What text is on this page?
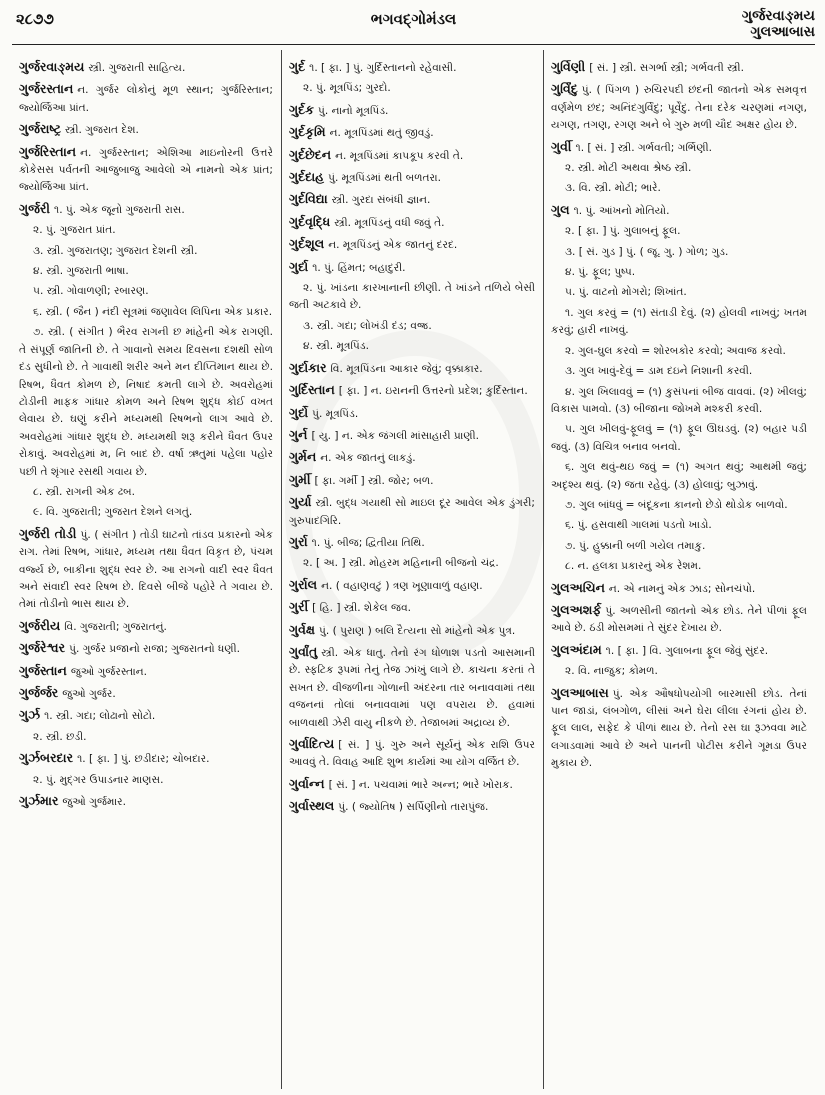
૨૮૭૭	ભગવદ્ગોમંડલ	ગુર્જરવાઙ્મય
ગુલઆબાસ
ગુર્જરવાઙ્મય સ્ત્રી. ગુજરાતી સાહિત્ય.
ગુર્જરસ્તાન ન. ગુર્જર લોકોનું મૂળ સ્થાન; ગુર્જરિસ્તાન; જ્યોર્જિઆ પ્રાંત.
ગુર્જરાષ્ટ્ર સ્ત્રી. ગુજરાત દેશ.
ગુર્જરિસ્તાન ન. ગુર્જરસ્તાન; એશિઆ માઇનોરની ઉત્તરે કોકેસસ પર્વતની આજુબાજુ આવેલો એ નામનો એક પ્રાંત; જ્યોર્જિઆ પ્રાંત.
ગુર્જરી ૧. પું. એક જૂનો ગુજરાતી રાસ.
૨. પું. ગુજરાત પ્રાંત.
૩. સ્ત્રી. ગુજરાતણ; ગુજરાત દેશની સ્ત્રી.
૪. સ્ત્રી. ગુજરાતી ભાષા.
૫. સ્ત્રી. ગોવાળણી; રબારણ.
૬. સ્ત્રી. ( જૈન ) નંદી સૂત્રમાં જણાવેલ લિપિના એક પ્રકાર.
૭. સ્ત્રી. ( સંગીત ) ભૈરવ રાગની છ માંહેની એક રાગણી. તે સંપૂર્ણ જાતિની છે. તે ગાવાનો સમય દિવસના દશથી સોળ દંડ સુધીનો છે. તે ગાવાથી શરીર અને મન દીપ્તિમાન થાય છે. રિષભ, ધૈવત કોમળ છે, નિષાદ કમતી લાગે છે. અવરોહમાં ટોડીની માફક ગાંધાર કોમળ અને રિષભ શુદ્ધ કોઈ વખત લેવાય છે. ઘણું કરીને મધ્યમથી રિષભનો લાગ આવે છે. અવરોહમાં ગાંધાર શુદ્ધ છે. મધ્યમથી શરૂ કરીને ધૈવત ઉપર રોકાવું. અવરોહમાં મ, નિ બાદ છે. વર્ષા ઋતુમાં પહેલા પહોર પછી તે શૃંગાર રસથી ગવાય છે.
૮. સ્ત્રી. રાગની એક ઢબ.
૯. વિ. ગુજરાતી; ગુજરાત દેશને લગતું.
ગુર્જરી તોડી પું. ( સંગીત ) તોડી ઘાટનો તાંડવ પ્રકારનો એક રાગ. તેમાં રિષભ, ગાંધાર, મધ્યમ તથા ધૈવત વિકૃત છે, પંચમ વર્જ્ય છે, બાકીના શુદ્ધ સ્વર છે. આ રાગનો વાદી સ્વર ધૈવત અને સંવાદી સ્વર રિષભ છે. દિવસે બીજે પહોરે તે ગવાય છે. તેમાં તોડીનો ભાસ થાય છે.
ગુર્જરીય વિ. ગુજરાતી; ગુજરાતનું.
ગુર્જરેશ્વર પું. ગુર્જર પ્રજાનો રાજા; ગુજરાતનો ધણી.
ગુર્જસ્તાન જુઓ ગુર્જરસ્તાન.
ગુર્જર્જર જુઓ ગુર્જર.
ગુર્ઝ ૧. સ્ત્રી. ગદા; લોઢાનો સોટો.
૨. સ્ત્રી. છડી.
ગુર્ઝબરદાર ૧. [ ફા. ] પું. છડીદાર; ચોબદાર.
૨. પું. મુદ્ગર ઉપાડનાર માણસ.
ગુર્ઝમાર જુઓ ગુર્જમાર.
ગુર્દ ૧. [ ફા. ] પું. ગુર્દિસ્તાનનો રહેવાસી.
૨. પું. મૂત્રપિંડ; ગુરદો.
ગુર્દક પું. નાનો મૂત્રપિંડ.
ગુર્દકૃમિ ન. મૂત્રપિંડમાં થતું જીવડું.
ગુર્દછેદન ન. મૂત્રપિંડમાં કાપકૂપ કરવી તે.
ગુર્દદાહ પું. મૂત્રપિંડમાં થતી બળતરા.
ગુર્દવિદ્યા સ્ત્રી. ગુરદા સંબંધી જ્ઞાન.
ગુર્દવૃદ્ધિ સ્ત્રી. મૂત્રપિંડનું વધી જવું તે.
ગુર્દશૂલ ન. મૂત્રપિંડનું એક જાતનું દરદ.
ગુર્દા ૧. પું. હિંમત; બહાદુરી.
૨. પું. ખાંડના કારખાનાની છીણી. તે ખાંડને તળિયે બેસી જતી અટકાવે છે.
૩. સ્ત્રી. ગદા; લોખંડી દંડ; વજ્ર.
૪. સ્ત્રી. મૂત્રપિંડ.
ગુર્દાકાર વિ. મૂત્રપિંડના આકાર જેવું; વૃક્કાકાર.
ગુર્દિસ્તાન [ ફા. ] ન. ઇરાનની ઉત્તરનો પ્રદેશ; કુર્દિસ્તાન.
ગુર્દો પું. મૂત્રપિંડ.
ગુર્ન [ યુ. ] ન. એક જંગલી માંસાહારી પ્રાણી.
ગુર્મન ન. એક જાતનું લાકડું.
ગુર્મી [ ફા. ગર્મી ] સ્ત્રી. જોર; બળ.
ગુર્યા સ્ત્રી. બુદ્ધ ગયાથી સો માઇલ દૂર આવેલ એક ડુંગરી; ગુરુપાદગિરિ.
ગુર્રા ૧. પું. બીજ; દ્વિતીયા તિથિ.
૨. [ અ. ] સ્ત્રી. મોહરમ મહિનાની બીજનો ચંદ્ર.
ગુર્રાલ ન. ( વહાણવટું ) ત્રણ ખૂણાવાળું વહાણ.
ગુર્રી [ હિ. ] સ્ત્રી. શેકેલ જવ.
ગુર્વક્ષ પું. ( પુરાણ ) બલિ દૈત્યના સો માંહેનો એક પુત્ર.
ગુર્વાંતુ સ્ત્રી. એક ધાતુ. તેનો રંગ ધોળાશ પડતો આસમાની છે. સ્ફટિક રૂપમાં તેનું તેજ ઝાંખું લાગે છે. કાચના કરતાં તે સખત છે. વીજળીના ગોળાની અંદરના તાર બનાવવામાં તથા વજનનાં તોલાં બનાવવામાં પણ વપરાય છે. હવામાં બાળવાથી ઝેરી વાયુ નીકળે છે. તેજાબમાં અદ્રાવ્ય છે.
ગુર્વાદિત્ય [ સં. ] પું. ગુરુ અને સૂર્યનું એક રાશિ ઉપર આવવું તે. વિવાહ આદિ શુભ કાર્યમાં આ યોગ વર્જિત છે.
ગુર્વાન્ન [ સં. ] ન. પચવામાં ભારે અન્ન; ભારે ખોરાક.
ગુર્વાસ્થલ પું. ( જ્યોતિષ ) સર્પિણીનો તારાપુંજ.
ગુર્વિણી [ સં. ] સ્ત્રી. સગર્ભા સ્ત્રી; ગર્ભવતી સ્ત્રી.
ગુર્વિંદુ પું. ( પિંગળ ) રુચિરપદી છંદની જાતનો એક સમવૃત્ત વર્ણમેળ છંદ; અનિંદગુર્વિંદુ; પૂર્વેંદુ. તેના દરેક ચરણમાં નગણ, યગણ, તગણ, રગણ અને બે ગુરુ મળી ચૌદ અક્ષર હોય છે.
ગુર્વી ૧. [ સં. ] સ્ત્રી. ગર્ભવતી; ગર્ભિણી.
૨. સ્ત્રી. મોટી અથવા શ્રેષ્ઠ સ્ત્રી.
૩. વિ. સ્ત્રી. મોટી; ભારે.
ગુલ ૧. પું. આંખનો મોતિયો.
૨. [ ફા. ] પું. ગુલાબનું ફૂલ.
૩. [ સં. ગુડ ] પું. ( જૂ. ગુ. ) ગોળ; ગુડ.
૪. પું. ફૂલ; પુષ્પ.
૫. પું. વાટનો મોગરો; શિખાંત.
૧. ગુલ કરવું = (૧) સંતાડી દેવું. (૨) હોલવી નાખવું; ખતમ કરવું; હારી નાખવું.
૨. ગુલ-ઘુલ કરવો = શોરબકોર કરવો; અવાજ કરવો.
૩. ગુલ ખાવું-દેવું = ડામ દઇને નિશાની કરવી.
૪. ગુલ ખિલાવવું = (૧) કુસંપનાં બીજ વાવવાં. (૨) ખીલવું; વિકાસ પામવો. (૩) બીજાના જોખમે મશ્કરી કરવી.
૫. ગુલ ખીલવું-ફૂલવું = (૧) ફૂલ ઊઘડવું. (૨) બહાર પડી જવું. (૩) વિચિત્ર બનાવ બનવો.
૬. ગુલ થવું-થઇ જવું = (૧) અગત થવું; આથમી જવું; અદૃશ્ય થવું. (૨) જતા રહેવું. (૩) હોલાવું; બુઝાવું.
૭. ગુલ બાંધવું = બંદૂકના કાનનો છેડો થોડોક બાળવો.
૬. પું. હસવાથી ગાલમાં પડતો ખાડો.
૭. પું. હુક્કાની બળી ગયેલ તમાકુ.
૮. ન. હલકા પ્રકારનું એક રેશમ.
ગુલઅચિન ન. એ નામનું એક ઝાડ; સોનચંપો.
ગુલઅશર્ફ પું. અળસીની જાતનો એક છોડ. તેને પીળાં ફૂલ આવે છે. ઠંડી મોસમમાં તે સુંદર દેખાય છે.
ગુલઅંદામ ૧. [ ફા. ] વિ. ગુલાબના ફૂલ જેવું સુંદર.
૨. વિ. નાજુક; કોમળ.
ગુલઆબાસ પું. એક ઔષધોપયોગી બારમાસી છોડ. તેનાં પાન જાડાં, લંબગોળ, લીસાં અને ઘેરા લીલા રંગનાં હોય છે. ફૂલ લાલ, સફેદ કે પીળાં થાય છે. તેનો રસ ઘા રૂઝવવા માટે લગાડવામાં આવે છે અને પાનની પોટીસ કરીને ગૂમડા ઉપર મુકાય છે.
